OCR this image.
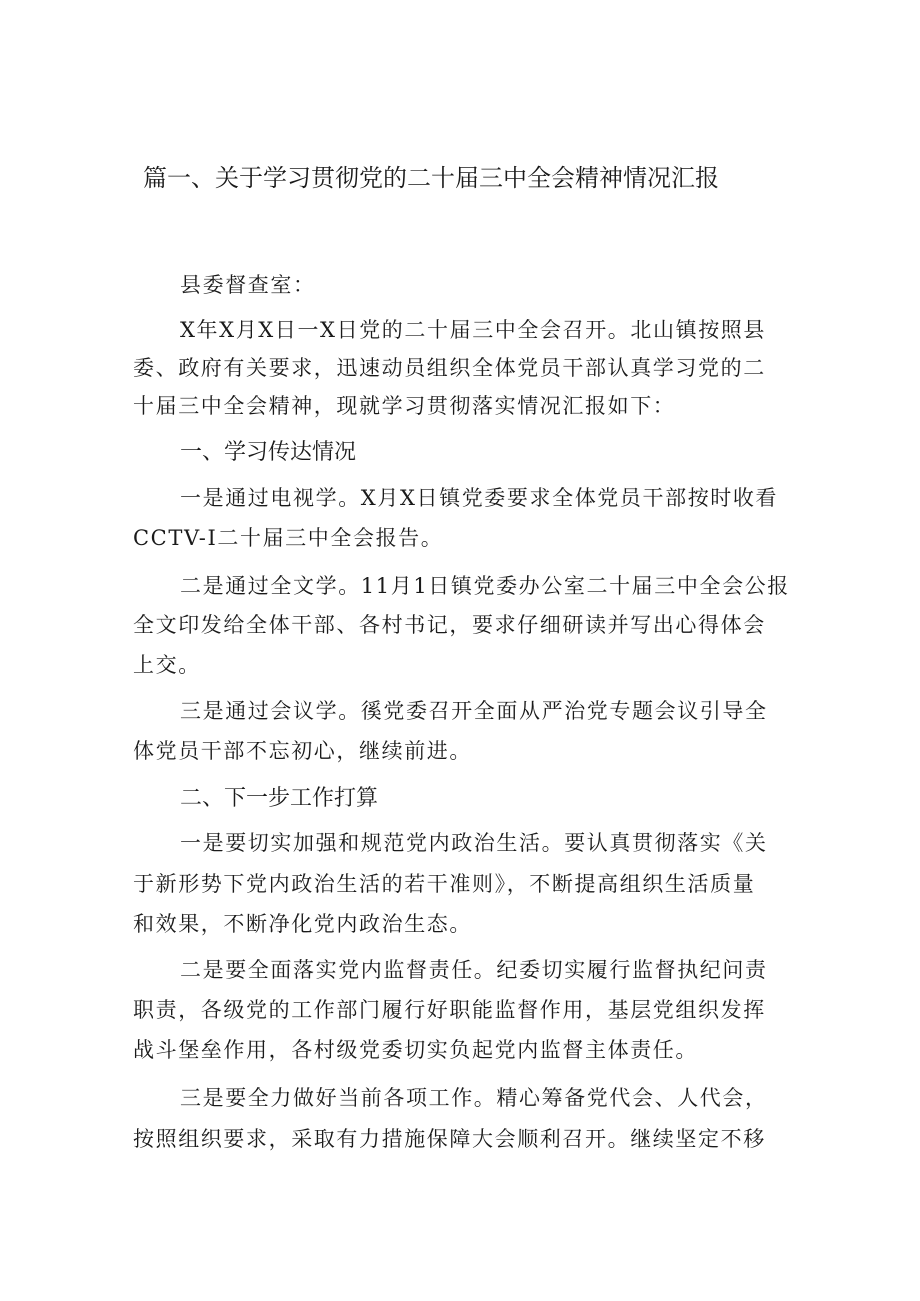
篇一、关于学习贯彻党的二十届三中全会精神情况汇报
县委督查室：
X年X月X日一X日党的二十届三中全会召开。北山镇按照县
委、政府有关要求，迅速动员组织全体党员干部认真学习党的二
十届三中全会精神，现就学习贯彻落实情况汇报如下：
一、学习传达情况
一是通过电视学。X月X日镇党委要求全体党员干部按时收看
CCTV-I二十届三中全会报告。
二是通过全文学。11月1日镇党委办公室二十届三中全会公报
全文印发给全体干部、各村书记，要求仔细研读并写出心得体会
上交。
三是通过会议学。徯党委召开全面从严治党专题会议引导全
体党员干部不忘初心，继续前进。
二、下一步工作打算
一是要切实加强和规范党内政治生活。要认真贯彻落实《关
于新形势下党内政治生活的若干准则》，不断提高组织生活质量
和效果，不断净化党内政治生态。
二是要全面落实党内监督责任。纪委切实履行监督执纪问责
职责，各级党的工作部门履行好职能监督作用，基层党组织发挥
战斗堡垒作用，各村级党委切实负起党内监督主体责任。
三是要全力做好当前各项工作。精心筹备党代会、人代会，
按照组织要求，采取有力措施保障大会顺利召开。继续坚定不移
